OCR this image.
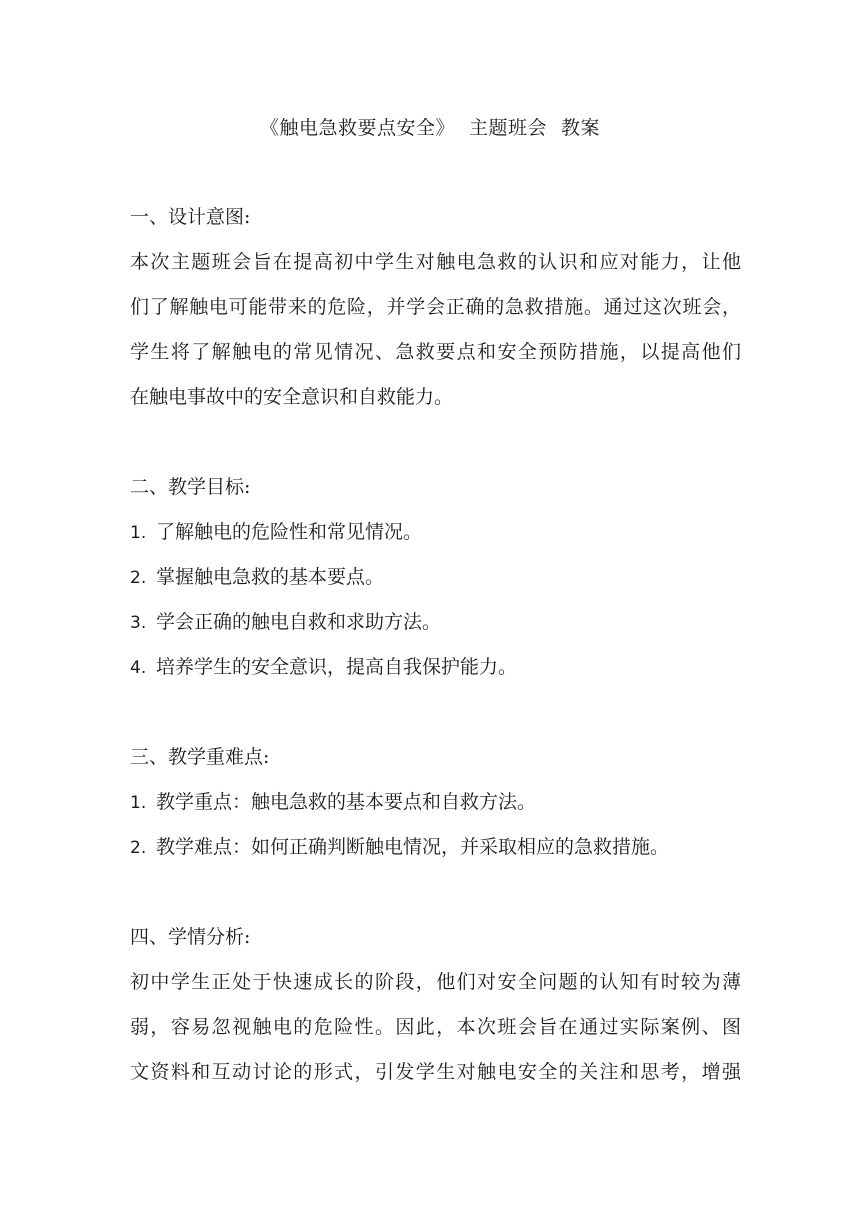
《触电急救要点安全》 主题班会 教案
一、设计意图:
本次主题班会旨在提高初中学生对触电急救的认识和应对能力，让他
们了解触电可能带来的危险，并学会正确的急救措施。通过这次班会，
学生将了解触电的常见情况、急救要点和安全预防措施，以提高他们
在触电事故中的安全意识和自救能力。
二、教学目标:
1. 了解触电的危险性和常见情况。
2. 掌握触电急救的基本要点。
3. 学会正确的触电自救和求助方法。
4. 培养学生的安全意识，提高自我保护能力。
三、教学重难点:
1. 教学重点：触电急救的基本要点和自救方法。
2. 教学难点：如何正确判断触电情况，并采取相应的急救措施。
四、学情分析:
初中学生正处于快速成长的阶段，他们对安全问题的认知有时较为薄
弱，容易忽视触电的危险性。因此，本次班会旨在通过实际案例、图
文资料和互动讨论的形式，引发学生对触电安全的关注和思考，增强
